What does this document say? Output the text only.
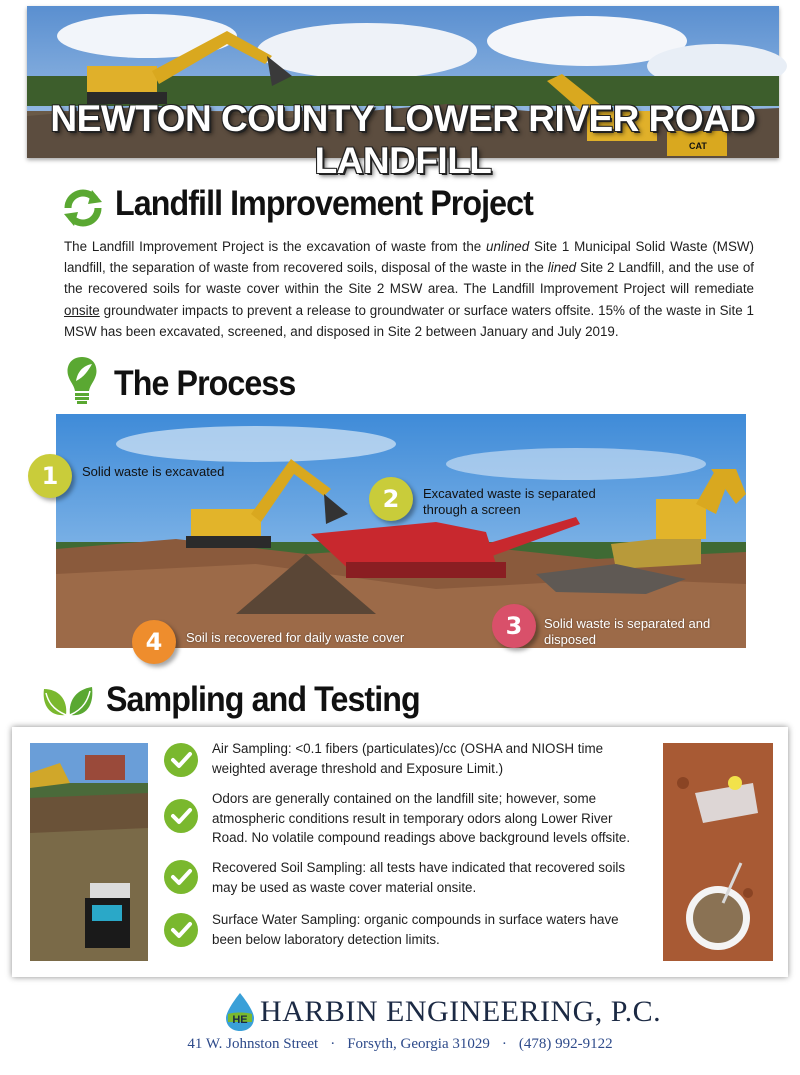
CAT
NEWTON COUNTY LOWER RIVER ROAD LANDFILL
Landfill Improvement Project
The Landfill Improvement Project is the excavation of waste from the unlined Site 1 Municipal Solid Waste (MSW) landfill, the separation of waste from recovered soils, disposal of the waste in the lined Site 2 Landfill, and the use of the recovered soils for waste cover within the Site 2 MSW area. The Landfill Improvement Project will remediate onsite groundwater impacts to prevent a release to groundwater or surface waters offsite. 15% of the waste in Site 1 MSW has been excavated, screened, and disposed in Site 2 between January and July 2019.
The Process
1	Solid waste is excavated
2	Excavated waste is separated
through a screen
3	Solid waste is separated and
disposed
4	Soil is recovered for daily waste cover
Sampling and Testing
Air Sampling: <0.1 fibers (particulates)/cc (OSHA and NIOSH time
weighted average threshold and Exposure Limit.)
Odors are generally contained on the landfill site; however, some
atmospheric conditions result in temporary odors along Lower River
Road. No volatile compound readings above background levels offsite.
Recovered Soil Sampling: all tests have indicated that recovered soils
may be used as waste cover material onsite.
Surface Water Sampling: organic compounds in surface waters have
been below laboratory detection limits.
HE HARBIN ENGINEERING, P.C.
41 W. Johnston Street · Forsyth, Georgia 31029 · (478) 992-9122
